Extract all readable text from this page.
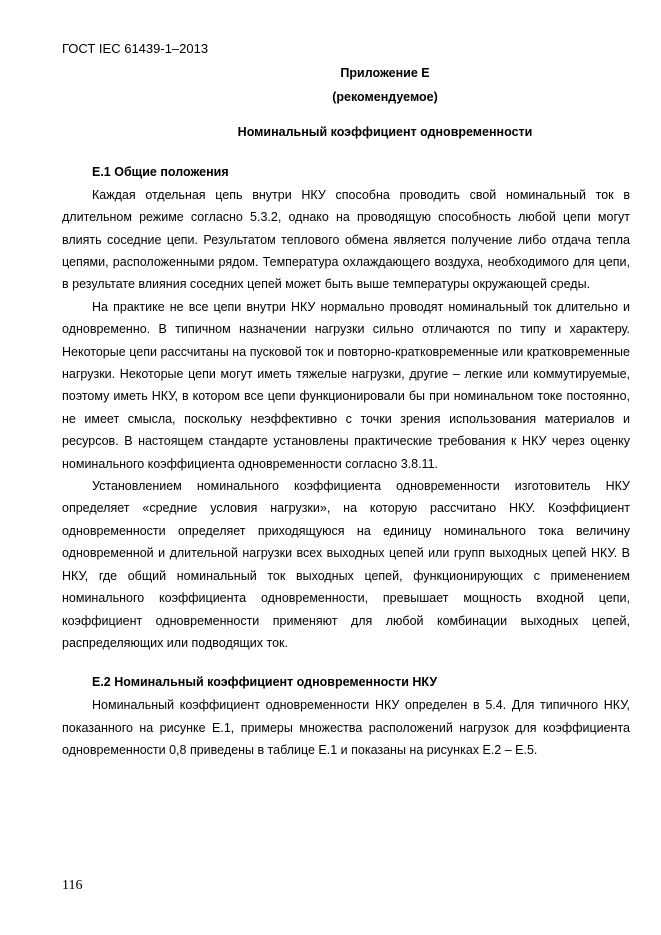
ГОСТ IEC 61439-1–2013
Приложение Е
(рекомендуемое)
Номинальный коэффициент одновременности

Е.1 Общие положения

Каждая отдельная цепь внутри НКУ способна проводить свой номинальный ток в длительном режиме согласно 5.3.2, однако на проводящую способность любой цепи могут влиять соседние цепи. Результатом теплового обмена является получение либо отдача тепла цепями, расположенными рядом. Температура охлаждающего воздуха, необходимого для цепи, в результате влияния соседних цепей может быть выше температуры окружающей среды.

На практике не все цепи внутри НКУ нормально проводят номинальный ток длительно и одновременно. В типичном назначении нагрузки сильно отличаются по типу и характеру. Некоторые цепи рассчитаны на пусковой ток и повторно-кратковременные или кратковременные нагрузки. Некоторые цепи могут иметь тяжелые нагрузки, другие – легкие или коммутируемые, поэтому иметь НКУ, в котором все цепи функционировали бы при номинальном токе постоянно, не имеет смысла, поскольку неэффективно с точки зрения использования материалов и ресурсов. В настоящем стандарте установлены практические требования к НКУ через оценку номинального коэффициента одновременности согласно 3.8.11.

Установлением номинального коэффициента одновременности изготовитель НКУ определяет «средние условия нагрузки», на которую рассчитано НКУ. Коэффициент одновременности определяет приходящуюся на единицу номинального тока величину одновременной и длительной нагрузки всех выходных цепей или групп выходных цепей НКУ. В НКУ, где общий номинальный ток выходных цепей, функционирующих с применением номинального коэффициента одновременности, превышает мощность входной цепи, коэффициент одновременности применяют для любой комбинации выходных цепей, распределяющих или подводящих ток.

Е.2 Номинальный коэффициент одновременности НКУ

Номинальный коэффициент одновременности НКУ определен в 5.4. Для типичного НКУ, показанного на рисунке Е.1, примеры множества расположений нагрузок для коэффициента одновременности 0,8 приведены в таблице Е.1 и показаны на рисунках Е.2 – Е.5.

116
